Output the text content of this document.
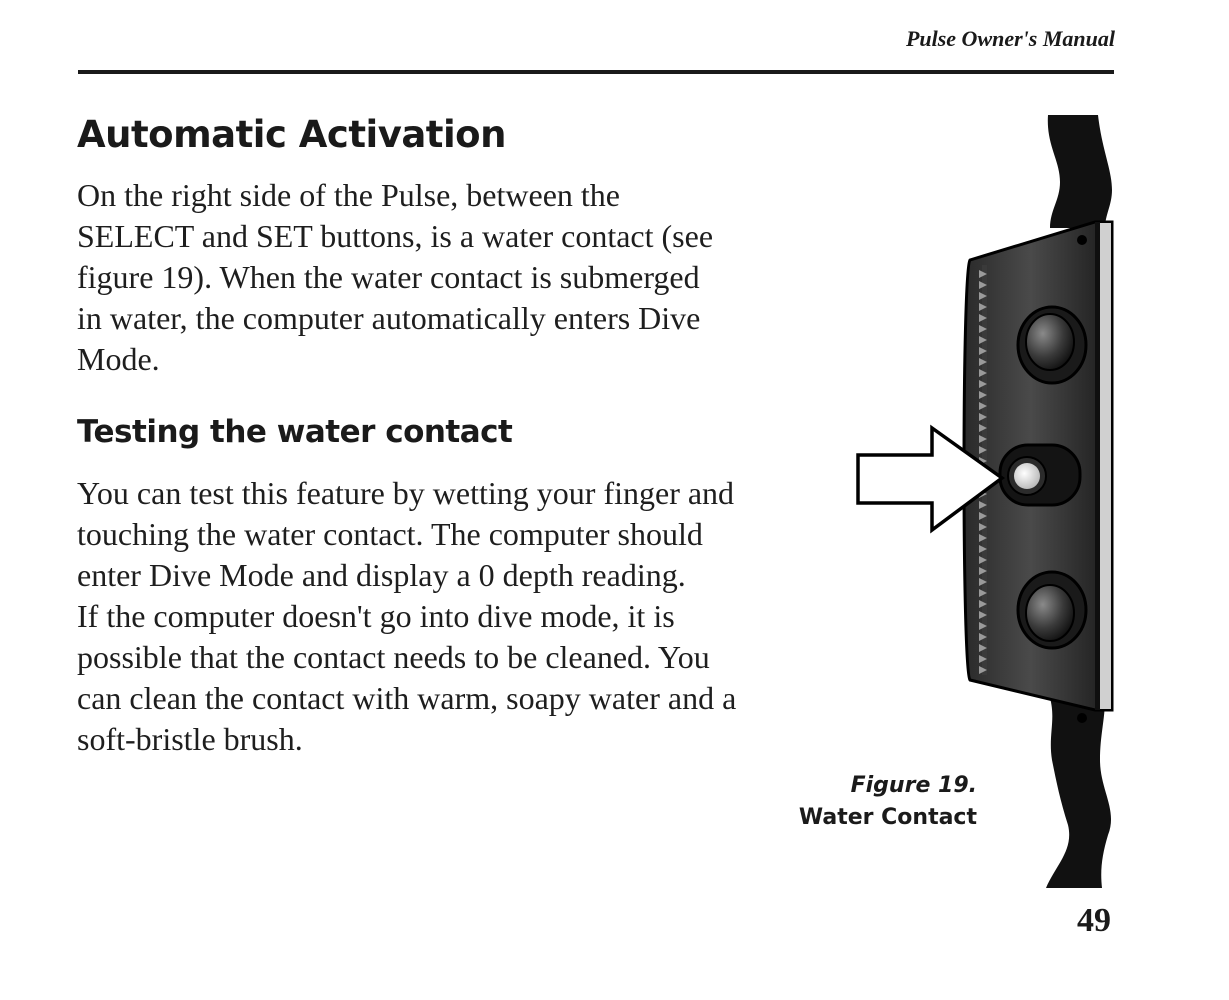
Pulse Owner's Manual
Automatic Activation

On the right side of the Pulse, between the
SELECT and SET buttons, is a water contact (see
figure 19). When the water contact is submerged
in water, the computer automatically enters Dive
Mode.

Testing the water contact

You can test this feature by wetting your finger and
touching the water contact. The computer should
enter Dive Mode and display a 0 depth reading.
If the computer doesn't go into dive mode, it is
possible that the contact needs to be cleaned. You
can clean the contact with warm, soapy water and a
soft-bristle brush.

Figure 19.
Water Contact
49
